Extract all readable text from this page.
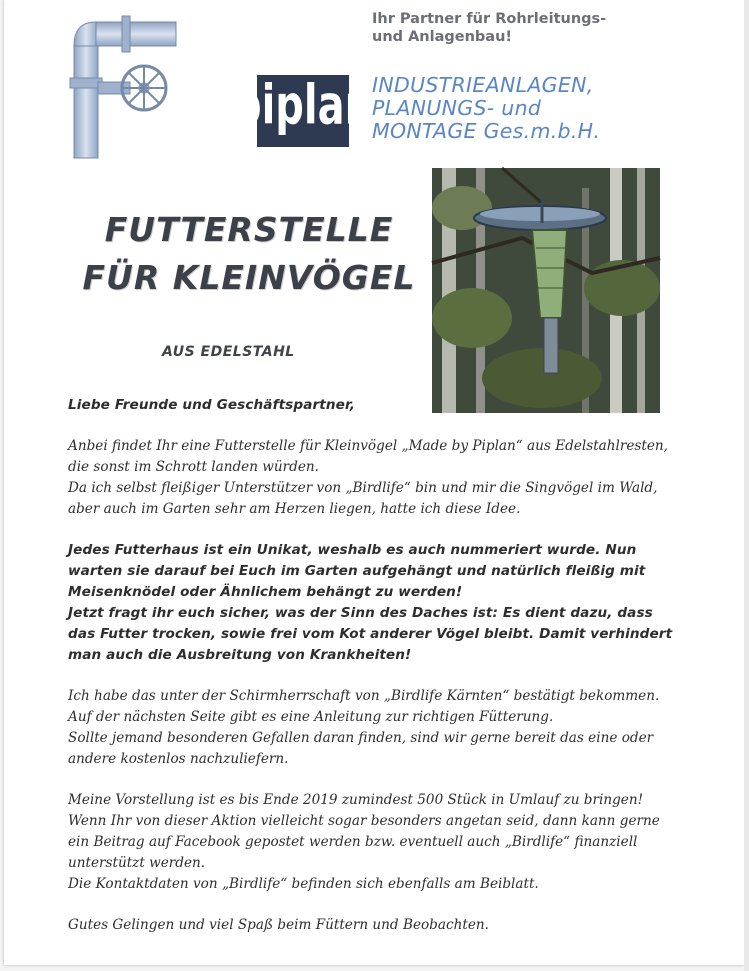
Ihr Partner für Rohrleitungs-
und Anlagenbau!
piplan
INDUSTRIEANLAGEN,
PLANUNGS- und
MONTAGE Ges.m.b.H.
FUTTERSTELLE
FÜR KLEINVÖGEL
AUS EDELSTAHL

Liebe Freunde und Geschäftspartner,

Anbei findet Ihr eine Futterstelle für Kleinvögel „Made by Piplan“ aus Edelstahlresten,

die sonst im Schrott landen würden.

Da ich selbst fleißiger Unterstützer von „Birdlife“ bin und mir die Singvögel im Wald,

aber auch im Garten sehr am Herzen liegen, hatte ich diese Idee.

Jedes Futterhaus ist ein Unikat, weshalb es auch nummeriert wurde. Nun

warten sie darauf bei Euch im Garten aufgehängt und natürlich fleißig mit

Meisenknödel oder Ähnlichem behängt zu werden!

Jetzt fragt ihr euch sicher, was der Sinn des Daches ist: Es dient dazu, dass

das Futter trocken, sowie frei vom Kot anderer Vögel bleibt. Damit verhindert

man auch die Ausbreitung von Krankheiten!

Ich habe das unter der Schirmherrschaft von „Birdlife Kärnten“ bestätigt bekommen.

Auf der nächsten Seite gibt es eine Anleitung zur richtigen Fütterung.

Sollte jemand besonderen Gefallen daran finden, sind wir gerne bereit das eine oder

andere kostenlos nachzuliefern.

Meine Vorstellung ist es bis Ende 2019 zumindest 500 Stück in Umlauf zu bringen!

Wenn Ihr von dieser Aktion vielleicht sogar besonders angetan seid, dann kann gerne

ein Beitrag auf Facebook gepostet werden bzw. eventuell auch „Birdlife“ finanziell

unterstützt werden.

Die Kontaktdaten von „Birdlife“ befinden sich ebenfalls am Beiblatt.

Gutes Gelingen und viel Spaß beim Füttern und Beobachten.
